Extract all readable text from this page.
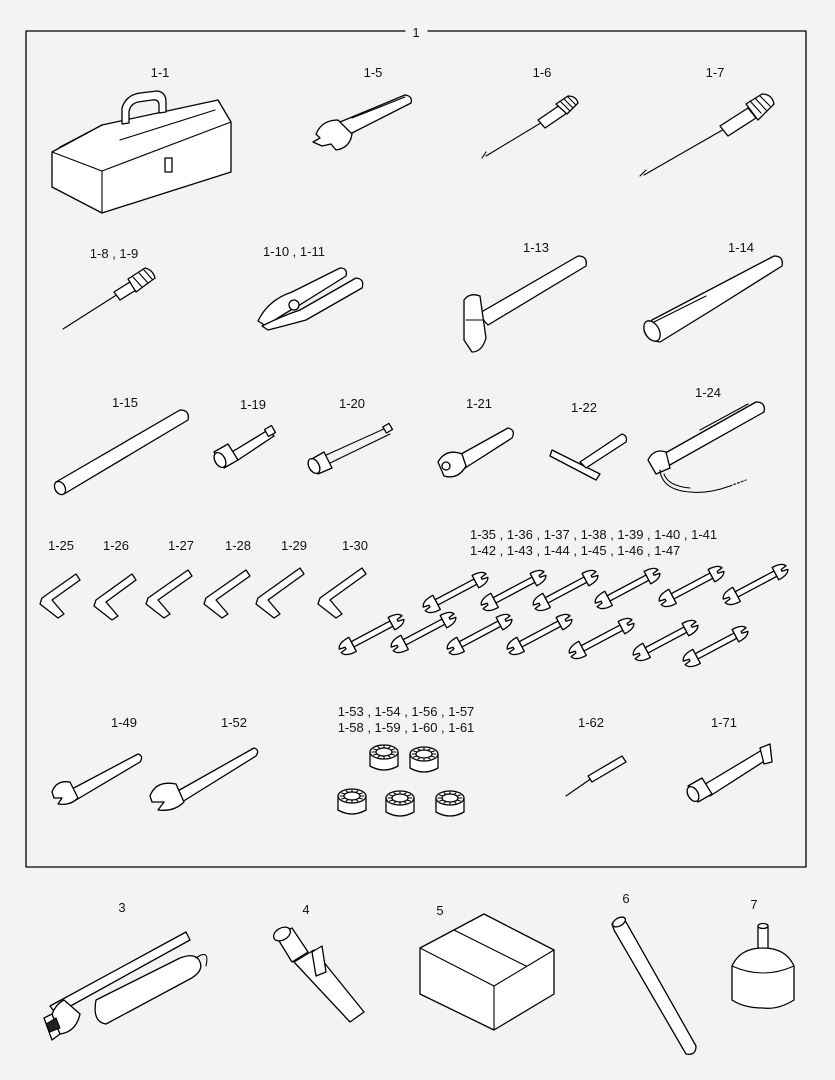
1
1-1	1-5	1-6	1-7
1-8 , 1-9	1-10 , 1-11	1-13	1-14
1-15	1-19	1-20	1-21	1-22
1-24
1-25 1-26	1-27 1-28 1-29	1-30
1-35 , 1-36 , 1-37 , 1-38 , 1-39 , 1-40 , 1-41
1-42 , 1-43 , 1-44 , 1-45 , 1-46 , 1-47
1-49	1-52
1-53 , 1-54 , 1-56 , 1-57
1-58 , 1-59 , 1-60 , 1-61	1-62	1-71
3	4	5
6	7
